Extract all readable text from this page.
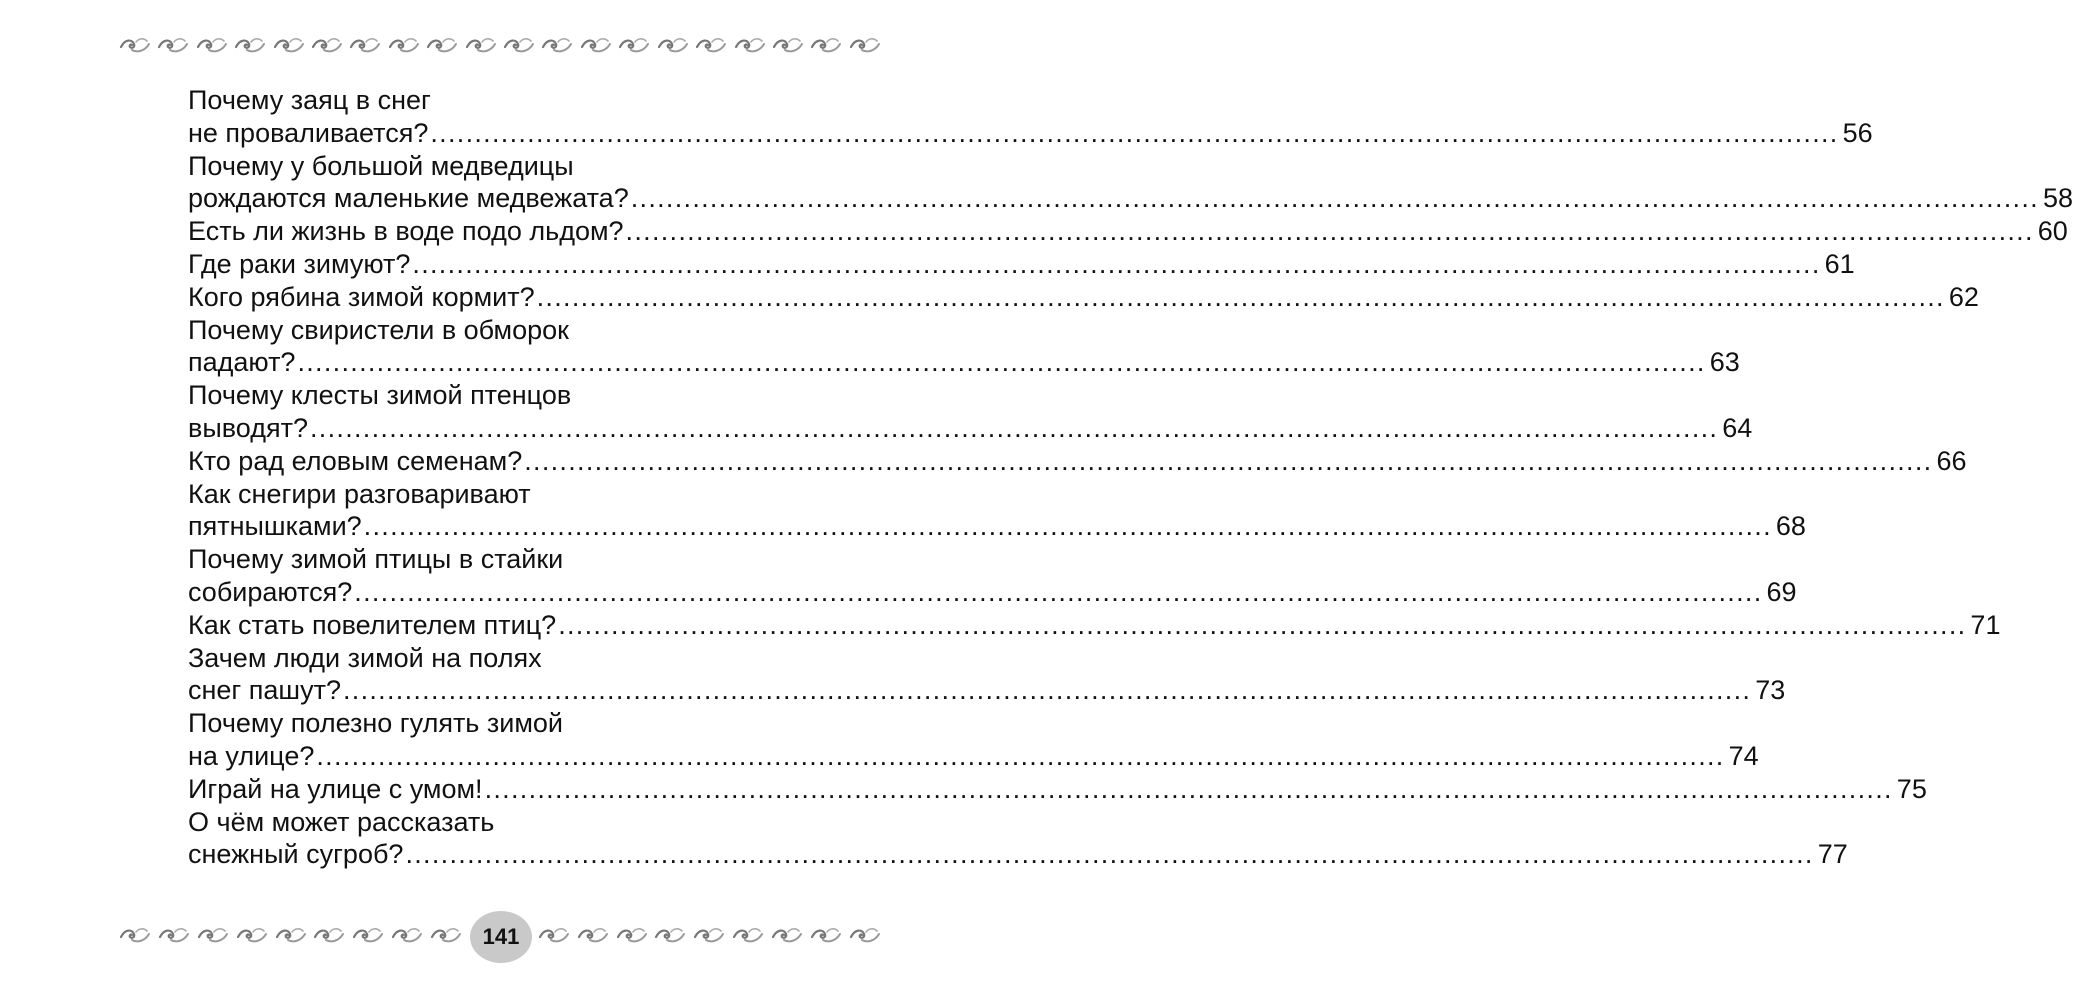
Почему заяц в снег
не проваливается? ................................................................................................................................................................ 56
Почему у большой медведицы
рождаются маленькие медвежата? ................................................................................................................................................................ 58
Есть ли жизнь в воде подо льдом? ................................................................................................................................................................ 60
Где раки зимуют? ................................................................................................................................................................ 61
Кого рябина зимой кормит? ................................................................................................................................................................ 62
Почему свиристели в обморок
падают? ................................................................................................................................................................ 63
Почему клесты зимой птенцов
выводят? ................................................................................................................................................................ 64
Кто рад еловым семенам? ................................................................................................................................................................ 66
Как снегири разговаривают
пятнышками? ................................................................................................................................................................ 68
Почему зимой птицы в стайки
собираются? ................................................................................................................................................................ 69
Как стать повелителем птиц? ................................................................................................................................................................ 71
Зачем люди зимой на полях
снег пашут? ................................................................................................................................................................ 73
Почему полезно гулять зимой
на улице? ................................................................................................................................................................ 74
Играй на улице с умом! ................................................................................................................................................................ 75
О чём может рассказать
снежный сугроб? ................................................................................................................................................................ 77
141
